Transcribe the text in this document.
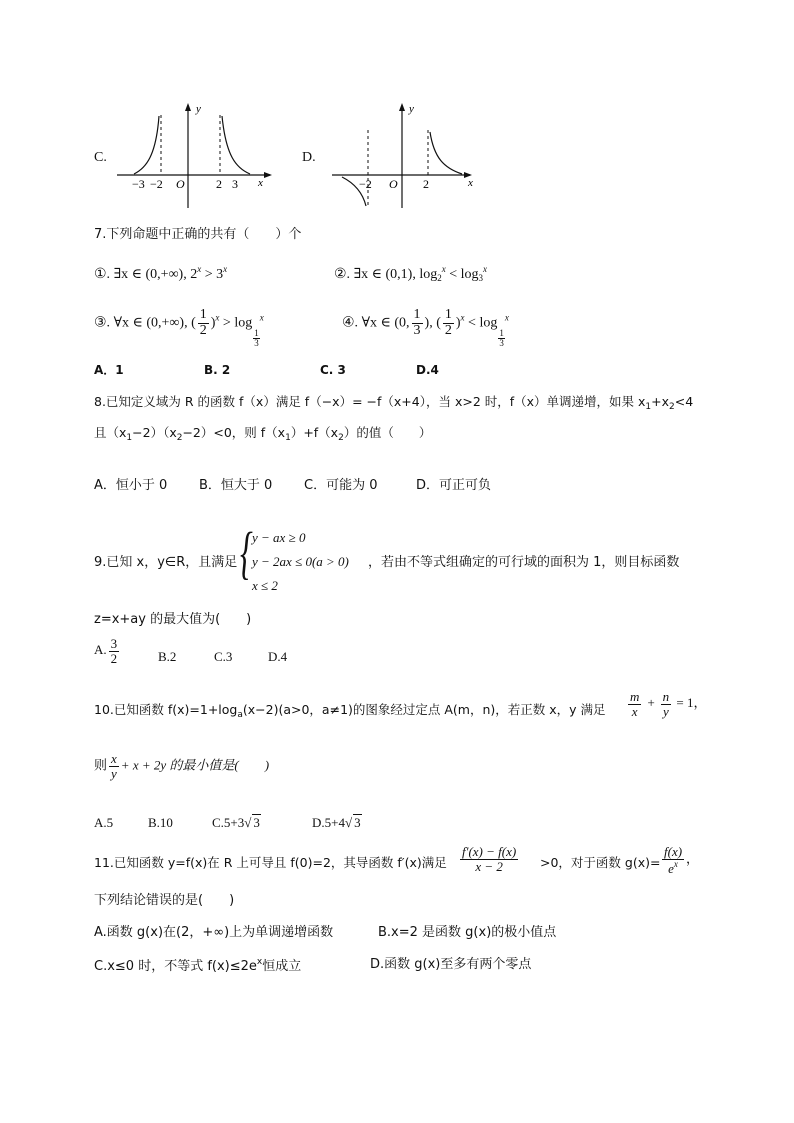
C.
y
x
O
−3 −2	2 3
D.
y
x
O
−2	2
7.下列命题中正确的共有（　　）个
①. ∃x ∈ (0,+∞), $2^x > 3^x$	②. ∃x ∈ (0,1), $\log_2^x < \log_3^x$
③. ∀x ∈ (0,+∞), ( $\frac{1}{2} )^x > \log$
$\frac{1}{3}$
$^x$	④. ∀x ∈ (0, $\frac{1}{3}$ ), ( $\frac{1}{2} )^x < \log$
$\frac{1}{3}$
$^x$
A．1	B. 2	C. 3	D.4
8.已知定义域为 R 的函数 f（x）满足 f（−x）= −f（x+4），当 x>2 时，f（x）单调递增，如果 $x_1+x_2<4$
且$(x_1-2)(x_2-2)<0$，则 $f(x_1)+f(x_2)$的值（　　）
A．恒小于 0 B．恒大于 0 C．可能为 0	D．可正可负
9.已知 x，y∈R，且满足 { y − ax ≥ 0
y − 2ax ≤ 0(a > 0)
x ≤ 2
，若由不等式组确定的可行域的面积为 1，则目标函数
z=x+ay 的最大值为(　　)
A. $\frac{3}{2}$	B.2	C.3	D.4
10.已知函数 $f(x)=1+\log_a(x-2)(a>0$，a≠1)的图象经过定点 A(m，n)，若正数 x，y 满足 $\frac{m}{x} + \frac{n}{y} = 1$，
则 $\frac{x}{y} + x + 2y$ 的最小值是(　　)
A.5	B.10	C.5+3√ 3	D.5+4√ 3
11.已知函数 y=f(x)在 R 上可导且 f(0)=2，其导函数 f′(x)满足 $\frac{f'(x) - f(x)}{x - 2} >0$，对于函数 $g(x)= \frac{f(x)}{e^x}$ ，
下列结论错误的是(　　)
A.函数 g(x)在(2，+∞)上为单调递增函数	B.x=2 是函数 g(x)的极小值点
C.x≤0 时，不等式 $f(x)\le 2e^x$恒成立	D.函数 g(x)至多有两个零点
